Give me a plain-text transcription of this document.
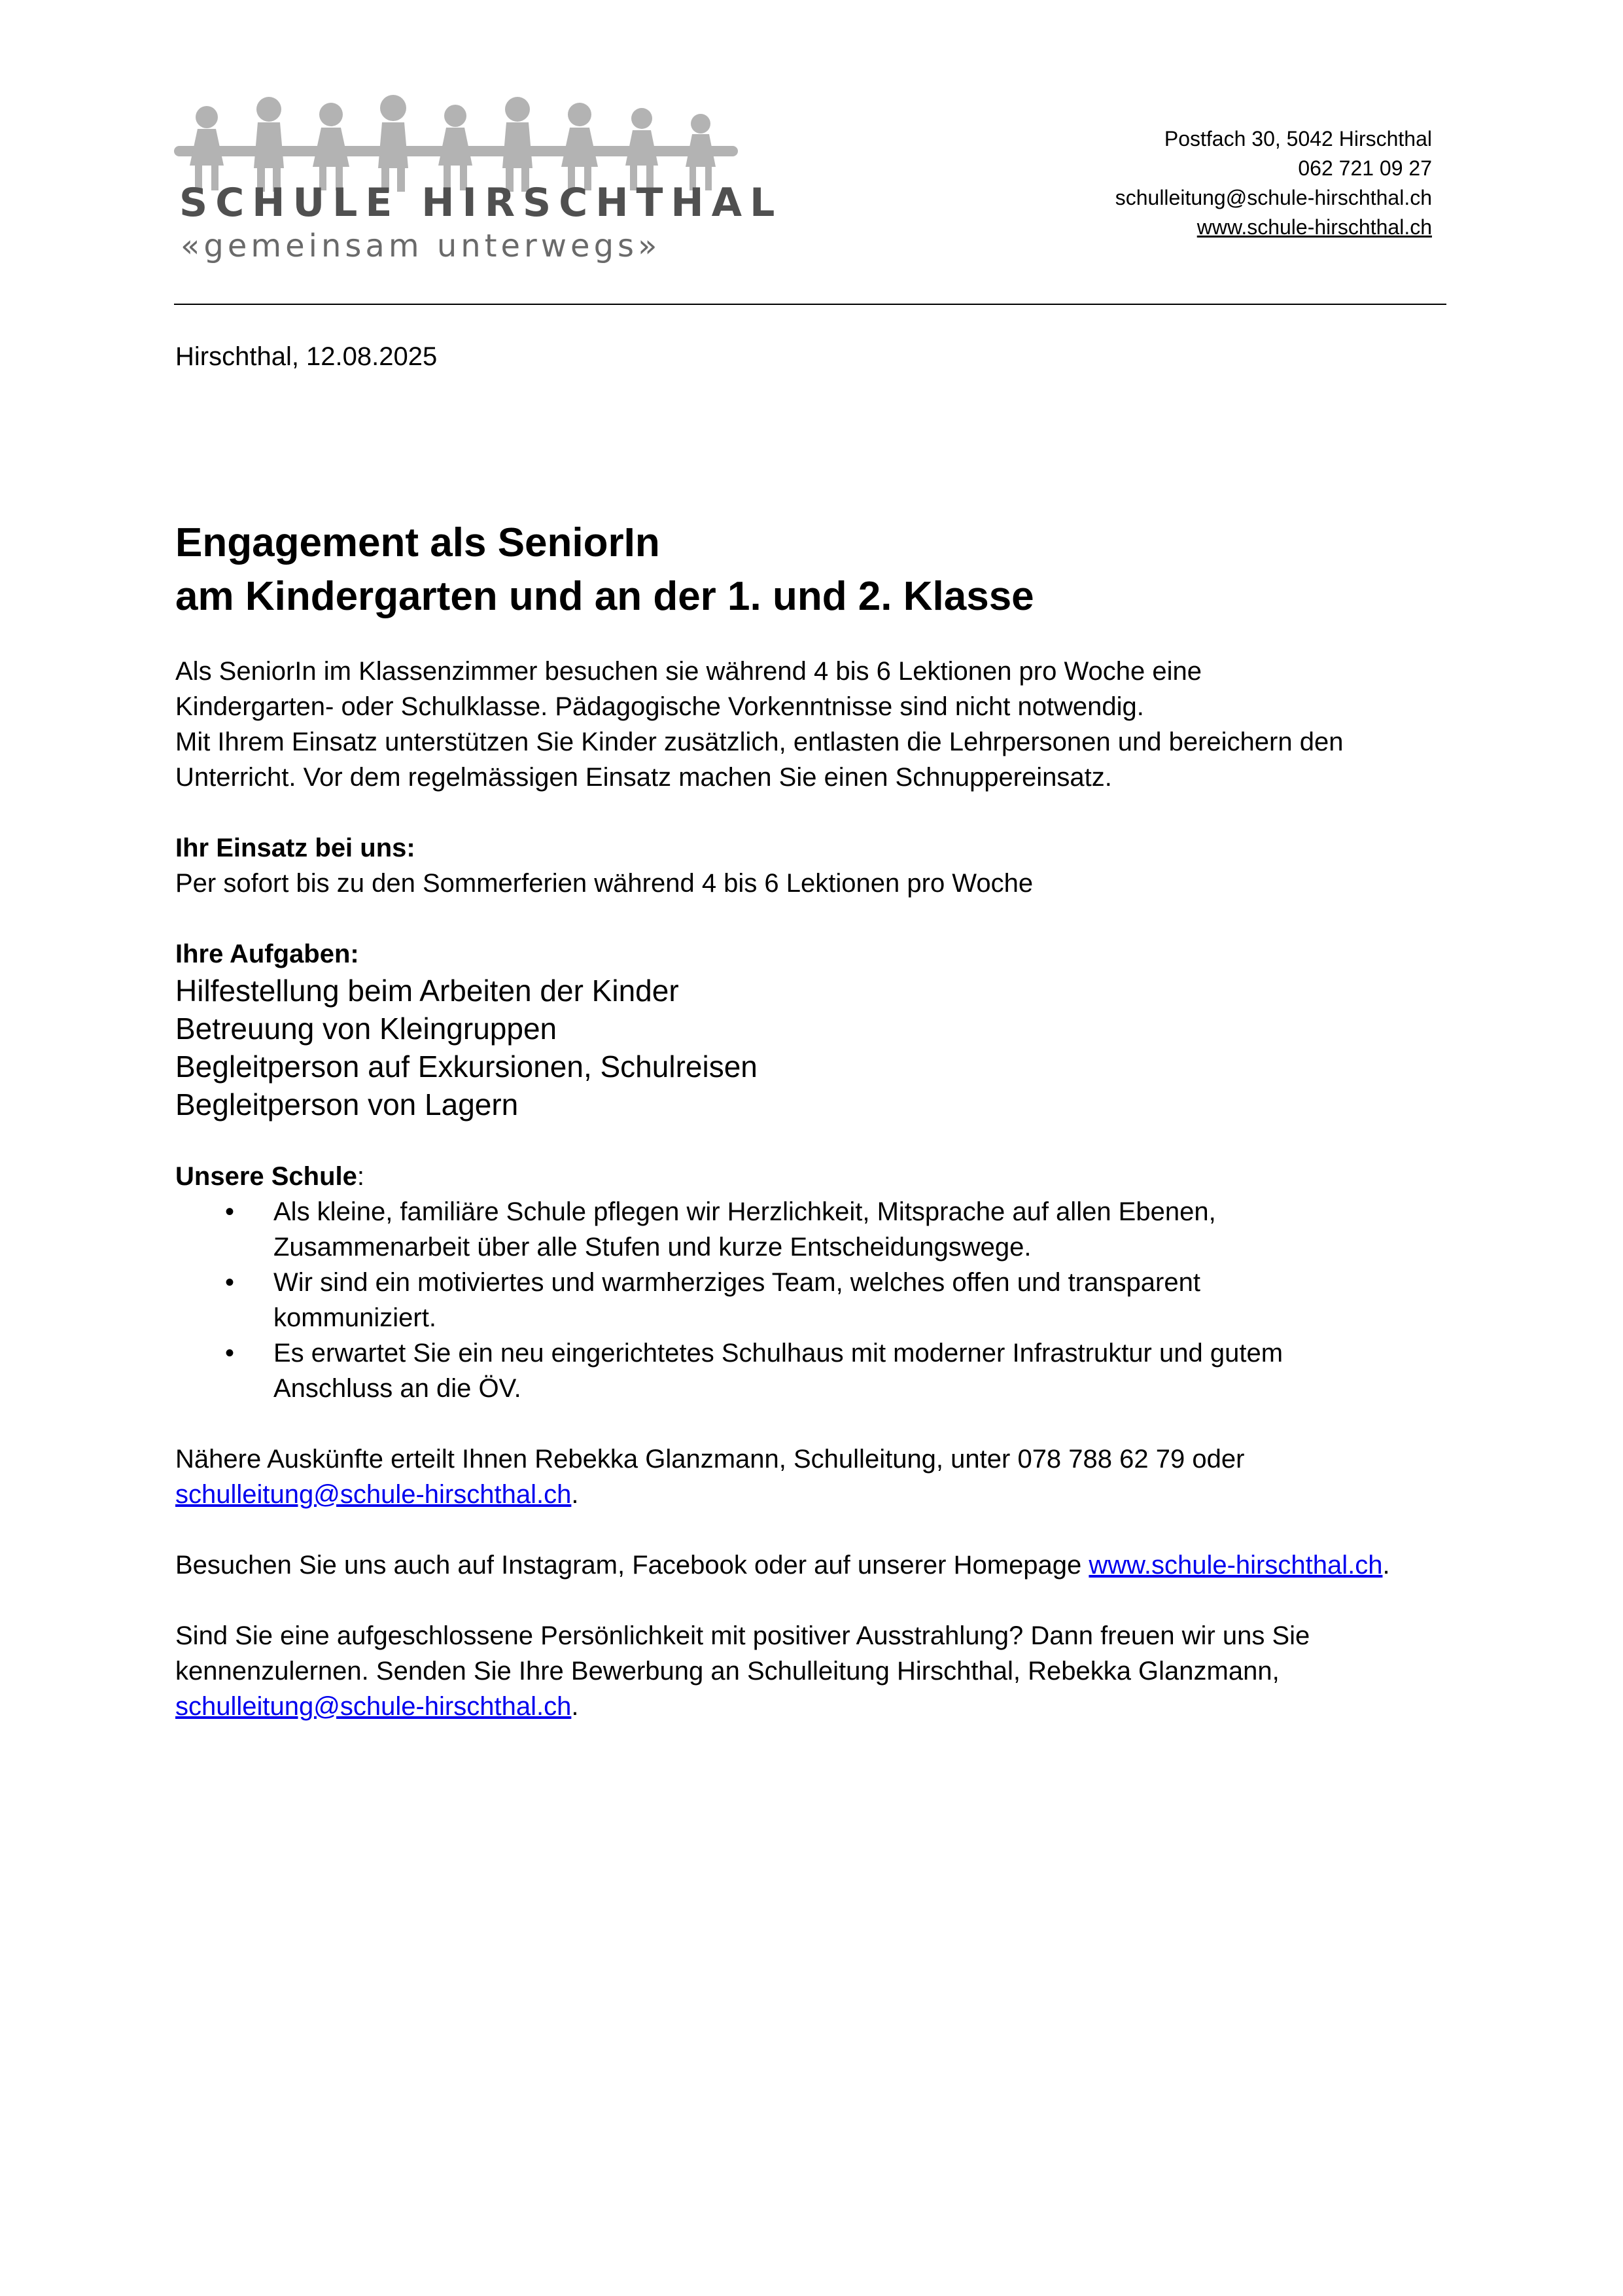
SCHULE HIRSCHTHAL
«gemeinsam unterwegs»
Postfach 30, 5042 Hirschthal
062 721 09 27
schulleitung@schule-hirschthal.ch
www.schule-hirschthal.ch
Hirschthal, 12.08.2025
Engagement als SeniorIn
am Kindergarten und an der 1. und 2. Klasse

Als SeniorIn im Klassenzimmer besuchen sie während 4 bis 6 Lektionen pro Woche eine

Kindergarten- oder Schulklasse. Pädagogische Vorkenntnisse sind nicht notwendig.

Mit Ihrem Einsatz unterstützen Sie Kinder zusätzlich, entlasten die Lehrpersonen und bereichern den

Unterricht. Vor dem regelmässigen Einsatz machen Sie einen Schnuppereinsatz.

Ihr Einsatz bei uns:

Per sofort bis zu den Sommerferien während 4 bis 6 Lektionen pro Woche

Ihre Aufgaben:

Hilfestellung beim Arbeiten der Kinder

Betreuung von Kleingruppen

Begleitperson auf Exkursionen, Schulreisen

Begleitperson von Lagern

Unsere Schule:

• Als kleine, familiäre Schule pflegen wir Herzlichkeit, Mitsprache auf allen Ebenen,

Zusammenarbeit über alle Stufen und kurze Entscheidungswege.

• Wir sind ein motiviertes und warmherziges Team, welches offen und transparent

kommuniziert.

• Es erwartet Sie ein neu eingerichtetes Schulhaus mit moderner Infrastruktur und gutem

Anschluss an die ÖV.

Nähere Auskünfte erteilt Ihnen Rebekka Glanzmann, Schulleitung, unter 078 788 62 79 oder

schulleitung@schule-hirschthal.ch.

Besuchen Sie uns auch auf Instagram, Facebook oder auf unserer Homepage www.schule-hirschthal.ch.

Sind Sie eine aufgeschlossene Persönlichkeit mit positiver Ausstrahlung? Dann freuen wir uns Sie

kennenzulernen. Senden Sie Ihre Bewerbung an Schulleitung Hirschthal, Rebekka Glanzmann,

schulleitung@schule-hirschthal.ch.
